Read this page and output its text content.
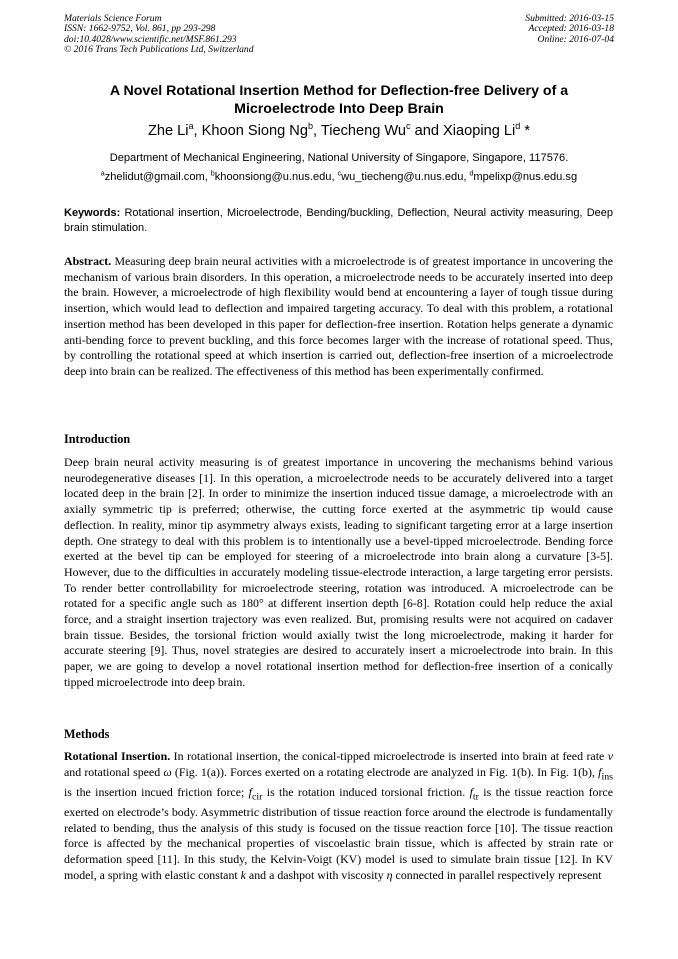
Materials Science Forum
ISSN: 1662-9752, Vol. 861, pp 293-298
doi:10.4028/www.scientific.net/MSF.861.293
© 2016 Trans Tech Publications Ltd, Switzerland
Submitted: 2016-03-15
Accepted: 2016-03-18
Online: 2016-07-04
A Novel Rotational Insertion Method for Deflection-free Delivery of a
Microelectrode Into Deep Brain
Zhe Li$^a$, Khoon Siong Ng$^b$, Tiecheng Wu$^c$ and Xiaoping Li$^d$ *
Department of Mechanical Engineering, National University of Singapore, Singapore, 117576.
$^a$zhelidut@gmail.com, $^b$khoonsiong@u.nus.edu, $^c$wu_tiecheng@u.nus.edu, $^d$mpelixp@nus.edu.sg
Keywords: Rotational insertion, Microelectrode, Bending/buckling, Deflection, Neural activity measuring, Deep brain stimulation.
Abstract. Measuring deep brain neural activities with a microelectrode is of greatest importance in uncovering the mechanism of various brain disorders. In this operation, a microelectrode needs to be accurately inserted into deep the brain. However, a microelectrode of high flexibility would bend at encountering a layer of tough tissue during insertion, which would lead to deflection and impaired targeting accuracy. To deal with this problem, a rotational insertion method has been developed in this paper for deflection-free insertion. Rotation helps generate a dynamic anti-bending force to prevent buckling, and this force becomes larger with the increase of rotational speed. Thus, by controlling the rotational speed at which insertion is carried out, deflection-free insertion of a microelectrode deep into brain can be realized. The effectiveness of this method has been experimentally confirmed.
Introduction
Deep brain neural activity measuring is of greatest importance in uncovering the mechanisms behind various neurodegenerative diseases [1]. In this operation, a microelectrode needs to be accurately delivered into a target located deep in the brain [2]. In order to minimize the insertion induced tissue damage, a microelectrode with an axially symmetric tip is preferred; otherwise, the cutting force exerted at the asymmetric tip would cause deflection. In reality, minor tip asymmetry always exists, leading to significant targeting error at a large insertion depth. One strategy to deal with this problem is to intentionally use a bevel-tipped microelectrode. Bending force exerted at the bevel tip can be employed for steering of a microelectrode into brain along a curvature [3-5]. However, due to the difficulties in accurately modeling tissue-electrode interaction, a large targeting error persists. To render better controllability for microelectrode steering, rotation was introduced. A microelectrode can be rotated for a specific angle such as 180° at different insertion depth [6-8]. Rotation could help reduce the axial force, and a straight insertion trajectory was even realized. But, promising results were not acquired on cadaver brain tissue. Besides, the torsional friction would axially twist the long microelectrode, making it harder for accurate steering [9]. Thus, novel strategies are desired to accurately insert a microelectrode into brain. In this paper, we are going to develop a novel rotational insertion method for deflection-free insertion of a conically tipped microelectrode into deep brain.
Methods
Rotational Insertion. In rotational insertion, the conical-tipped microelectrode is inserted into brain at feed rate v and rotational speed ω (Fig. 1(a)). Forces exerted on a rotating electrode are analyzed in Fig. 1(b). In Fig. 1(b), $f_{ins}$ is the insertion incued friction force; $f_{cir}$ is the rotation induced torsional friction. $f_{tr}$ is the tissue reaction force exerted on electrode’s body. Asymmetric distribution of tissue reaction force around the electrode is fundamentally related to bending, thus the analysis of this study is focused on the tissue reaction force [10]. The tissue reaction force is affected by the mechanical properties of viscoelastic brain tissue, which is affected by strain rate or deformation speed [11]. In this study, the Kelvin-Voigt (KV) model is used to simulate brain tissue [12]. In KV model, a spring with elastic constant k and a dashpot with viscosity η connected in parallel respectively represent
